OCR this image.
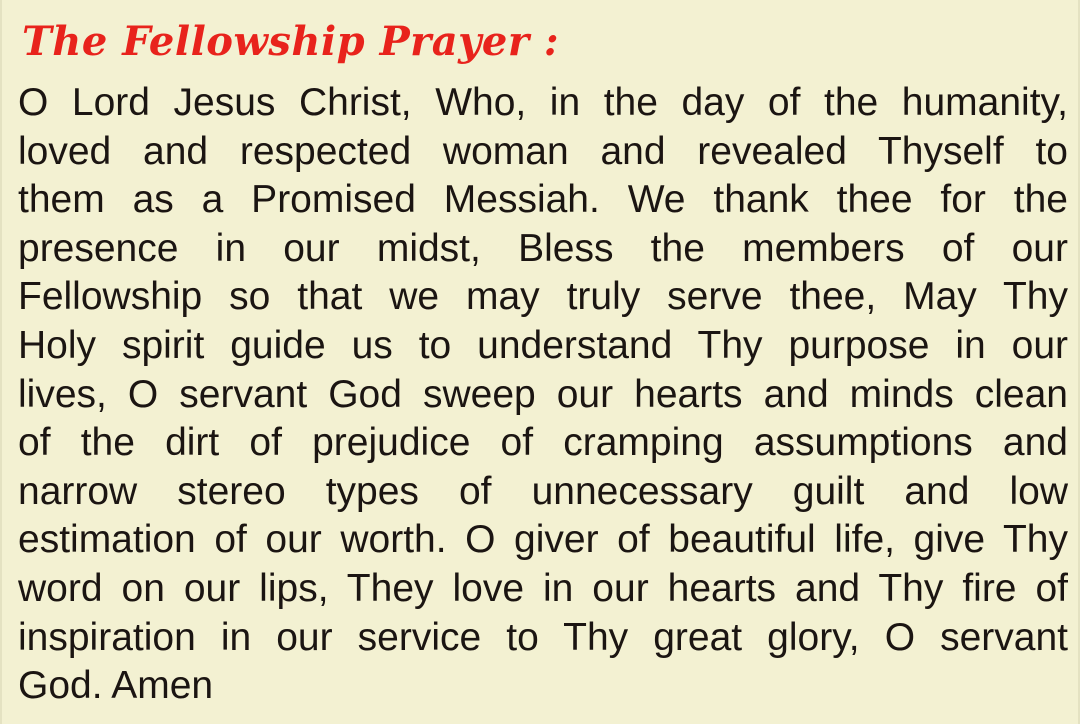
The Fellowship Prayer :
O Lord Jesus Christ, Who, in the day of the humanity,
loved and respected woman and revealed Thyself to
them as a Promised Messiah. We thank thee for the
presence in our midst, Bless the members of our
Fellowship so that we may truly serve thee, May Thy
Holy spirit guide us to understand Thy purpose in our
lives, O servant God sweep our hearts and minds clean
of the dirt of prejudice of cramping assumptions and
narrow stereo types of unnecessary guilt and low
estimation of our worth. O giver of beautiful life, give Thy
word on our lips, They love in our hearts and Thy fire of
inspiration in our service to Thy great glory, O servant
God. Amen
